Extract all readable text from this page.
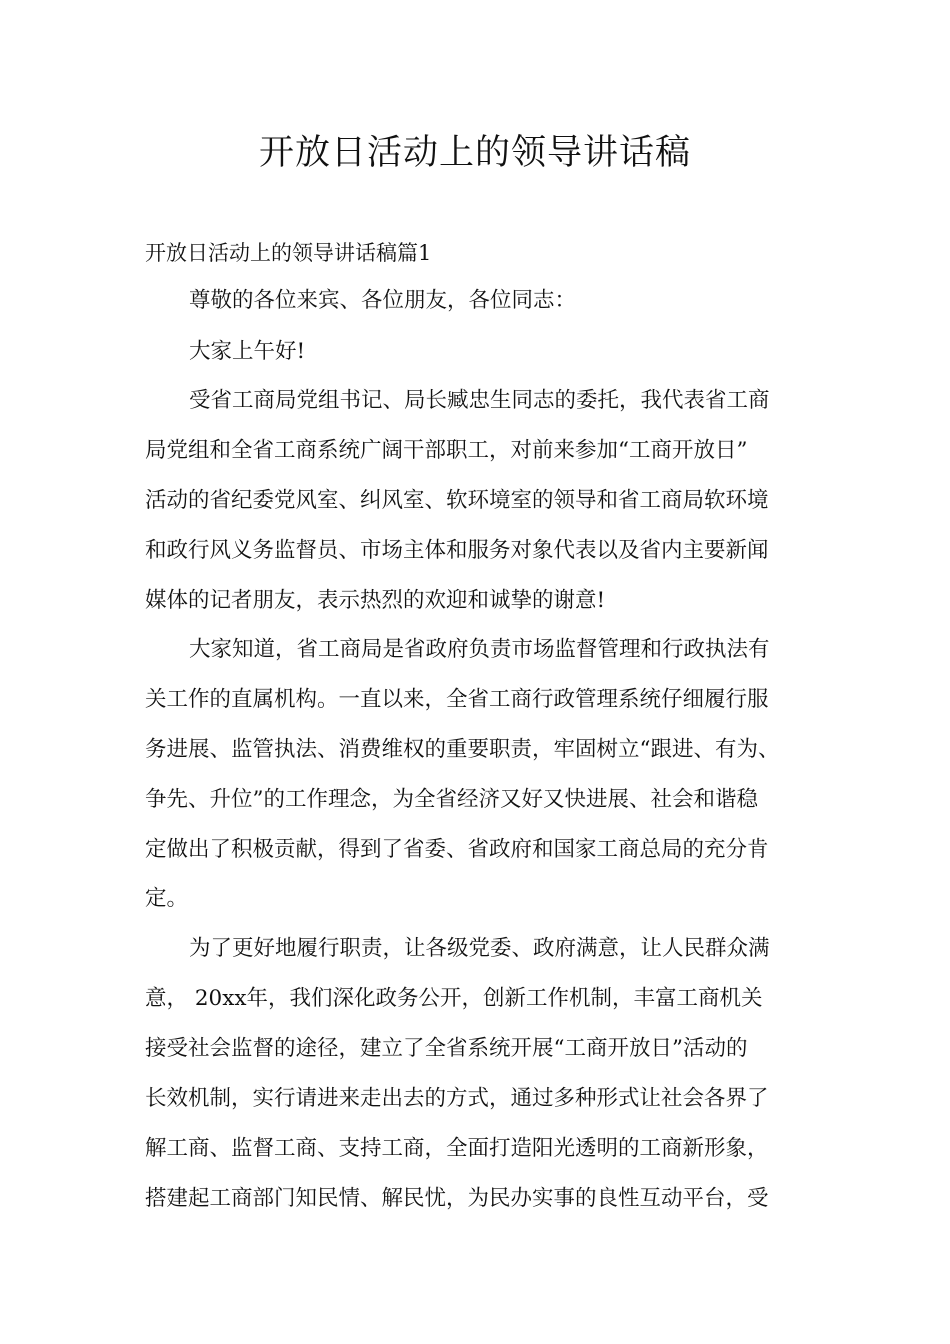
开放日活动上的领导讲话稿

开放日活动上的领导讲话稿篇1

尊敬的各位来宾、各位朋友，各位同志：

大家上午好!

受省工商局党组书记、局长臧忠生同志的委托，我代表省工商

局党组和全省工商系统广阔干部职工，对前来参加“工商开放日”

活动的省纪委党风室、纠风室、软环境室的领导和省工商局软环境

和政行风义务监督员、市场主体和服务对象代表以及省内主要新闻

媒体的记者朋友，表示热烈的欢迎和诚挚的谢意!

大家知道，省工商局是省政府负责市场监督管理和行政执法有

关工作的直属机构。一直以来，全省工商行政管理系统仔细履行服

务进展、监管执法、消费维权的重要职责，牢固树立“跟进、有为、

争先、升位”的工作理念，为全省经济又好又快进展、社会和谐稳

定做出了积极贡献，得到了省委、省政府和国家工商总局的充分肯

定。

为了更好地履行职责，让各级党委、政府满意，让人民群众满

意， 20xx年，我们深化政务公开，创新工作机制，丰富工商机关

接受社会监督的途径，建立了全省系统开展“工商开放日”活动的

长效机制，实行请进来走出去的方式，通过多种形式让社会各界了

解工商、监督工商、支持工商，全面打造阳光透明的工商新形象，

搭建起工商部门知民情、解民忧，为民办实事的良性互动平台，受
